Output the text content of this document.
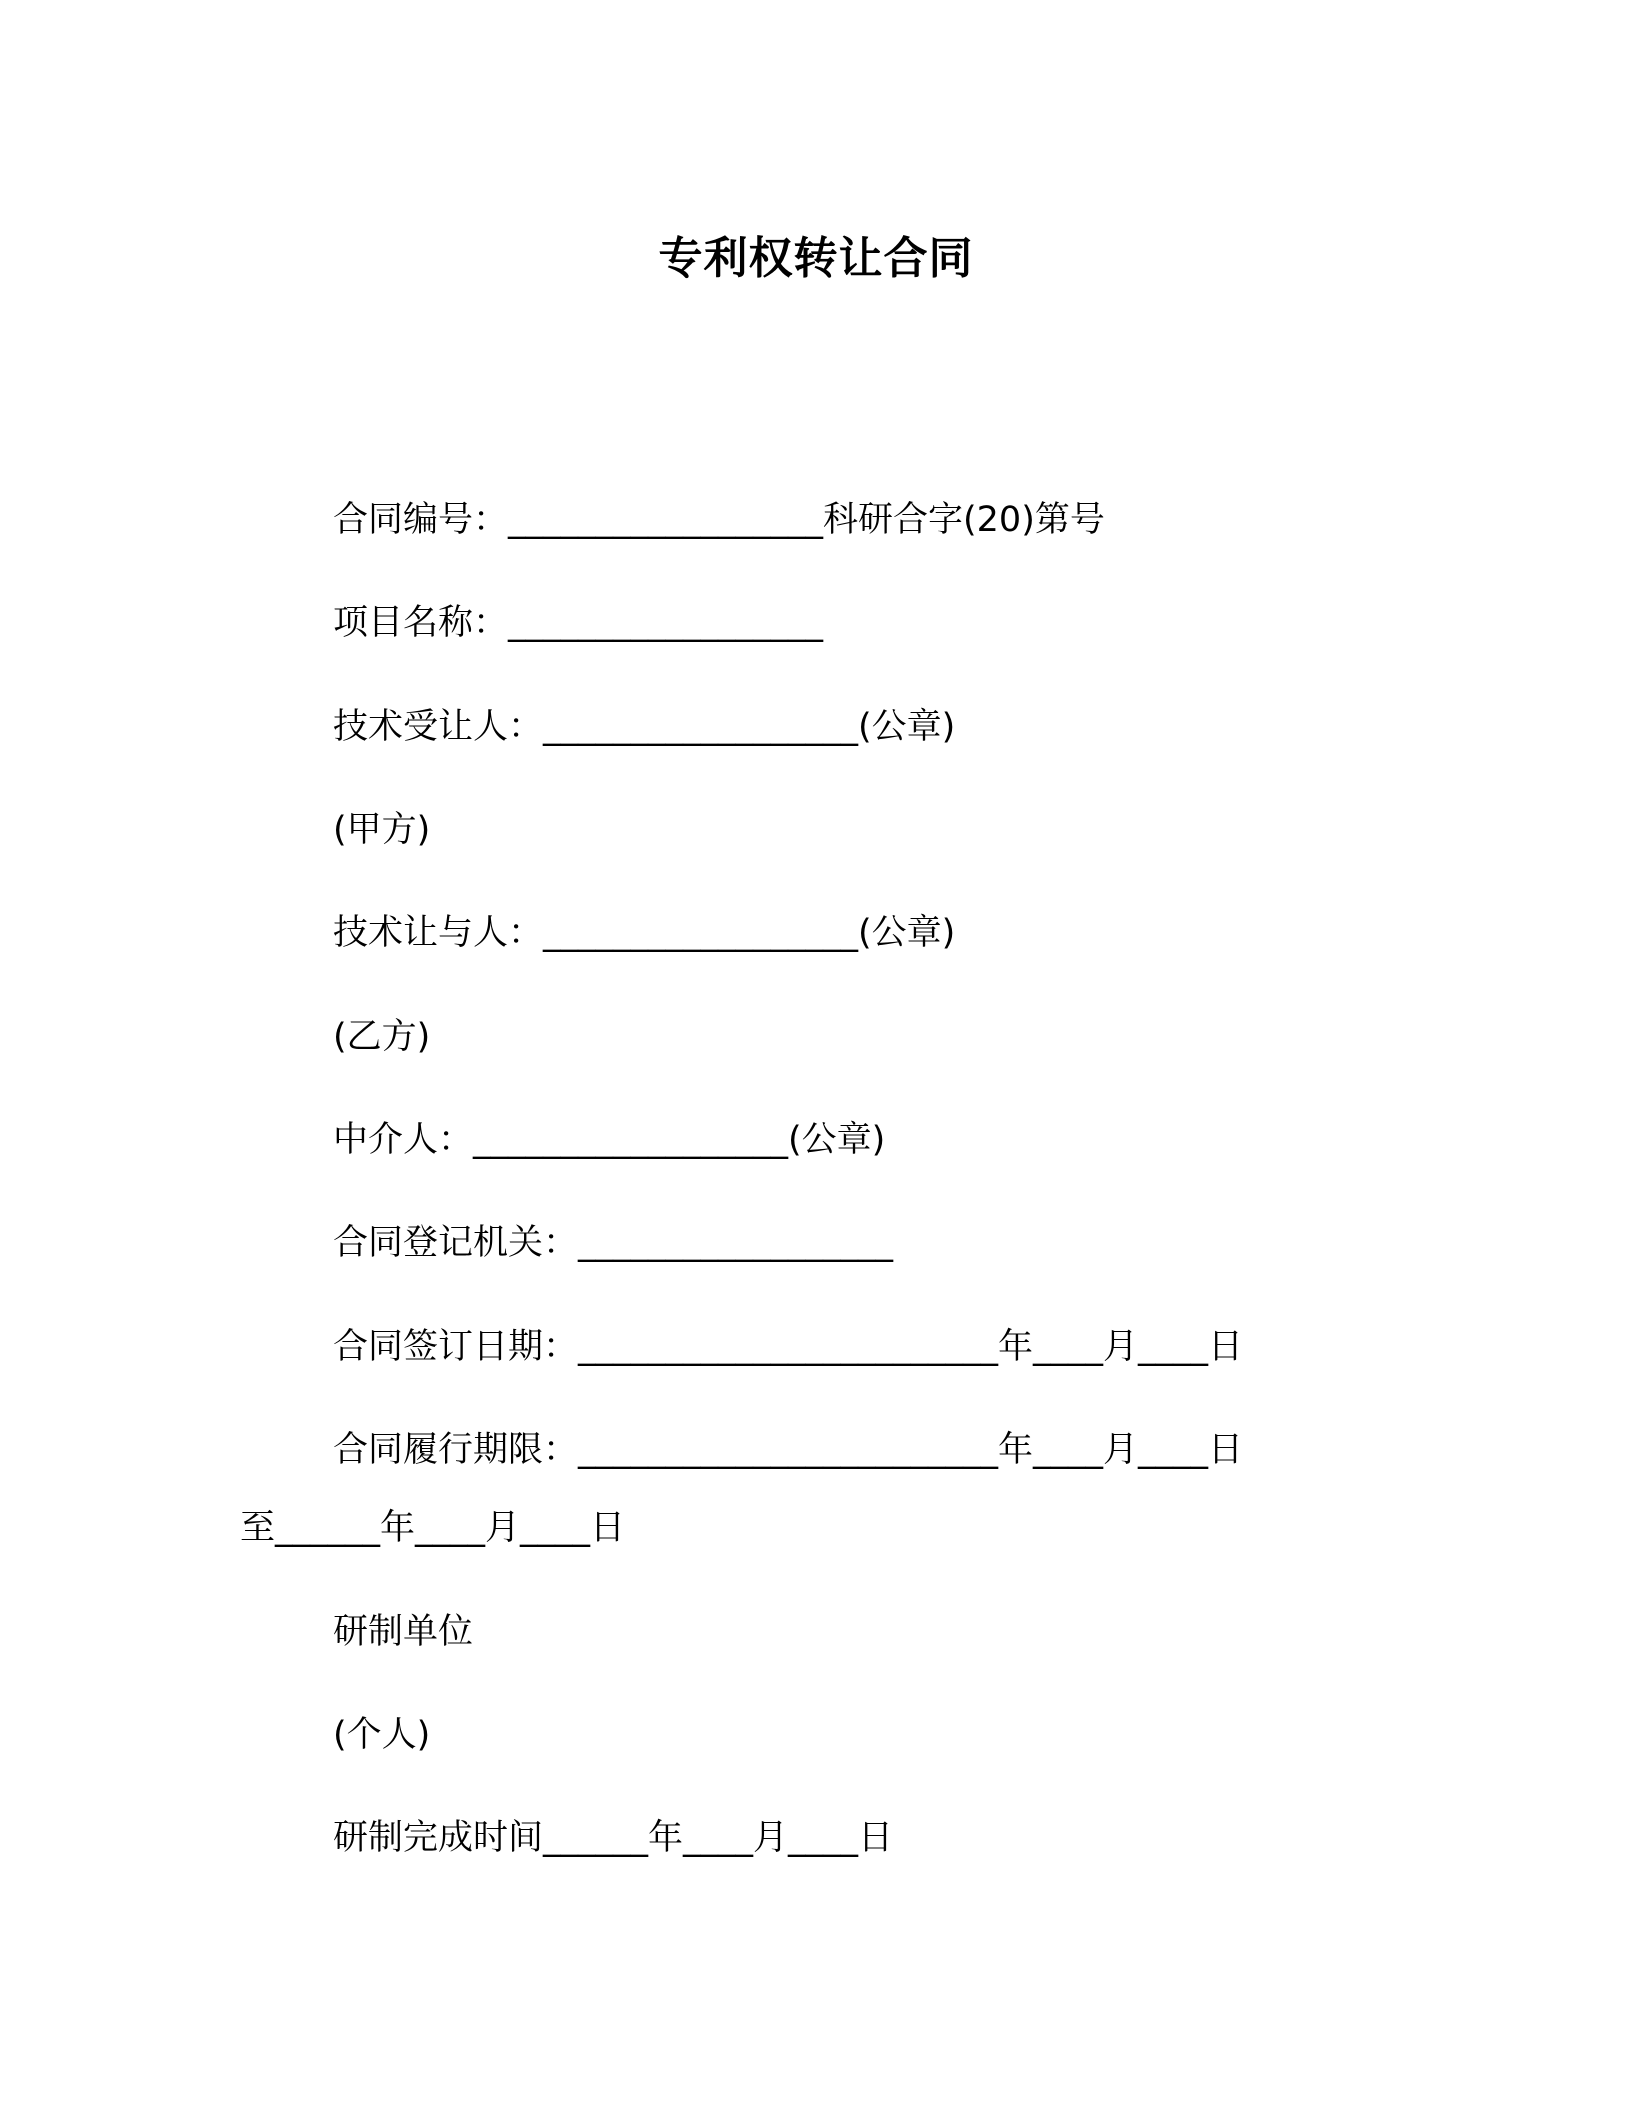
专利权转让合同
合同编号：__________________科研合字(20)第号
项目名称：__________________
技术受让人：__________________(公章)
(甲方)
技术让与人：__________________(公章)
(乙方)
中介人：__________________(公章)
合同登记机关：__________________
合同签订日期：________________________年____月____日
合同履行期限：________________________年____月____日
至______年____月____日
研制单位
(个人)
研制完成时间______年____月____日
